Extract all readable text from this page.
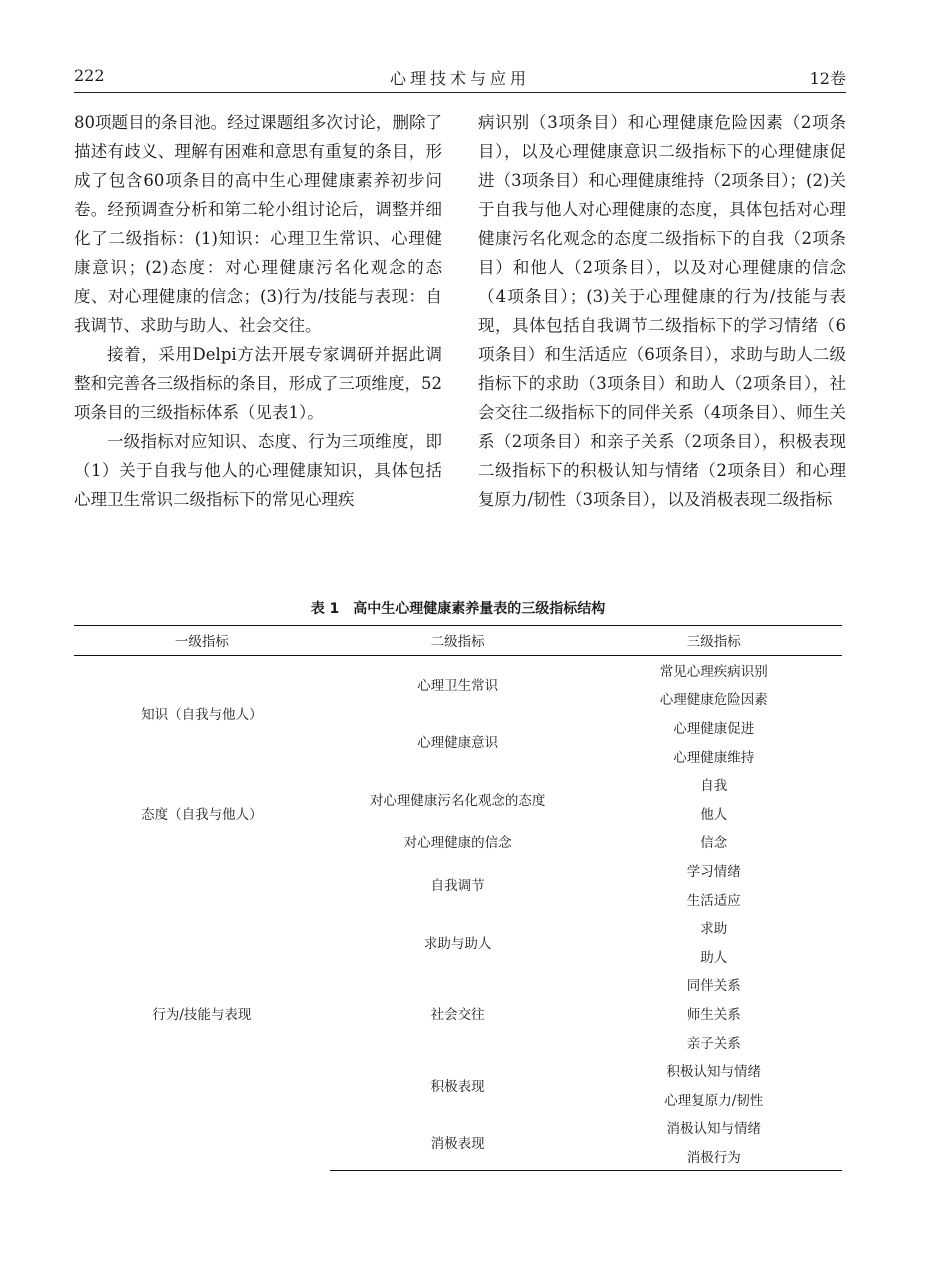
222	心理技术与应用	12卷

80项题目的条目池。经过课题组多次讨论，删除了描述有歧义、理解有困难和意思有重复的条目，形成了包含60项条目的高中生心理健康素养初步问卷。经预调查分析和第二轮小组讨论后，调整并细化了二级指标：(1)知识：心理卫生常识、心理健康意识；(2)态度：对心理健康污名化观念的态度、对心理健康的信念；(3)行为/技能与表现：自我调节、求助与助人、社会交往。

接着，采用Delpi方法开展专家调研并据此调整和完善各三级指标的条目，形成了三项维度，52项条目的三级指标体系（见表1）。

一级指标对应知识、态度、行为三项维度，即（1）关于自我与他人的心理健康知识，具体包括心理卫生常识二级指标下的常见心理疾

病识别（3项条目）和心理健康危险因素（2项条目），以及心理健康意识二级指标下的心理健康促进（3项条目）和心理健康维持（2项条目）；(2)关于自我与他人对心理健康的态度，具体包括对心理健康污名化观念的态度二级指标下的自我（2项条目）和他人（2项条目），以及对心理健康的信念（4项条目）；(3)关于心理健康的行为/技能与表现，具体包括自我调节二级指标下的学习情绪（6项条目）和生活适应（6项条目），求助与助人二级指标下的求助（3项条目）和助人（2项条目），社会交往二级指标下的同伴关系（4项条目）、师生关系（2项条目）和亲子关系（2项条目），积极表现二级指标下的积极认知与情绪（2项条目）和心理复原力/韧性（3项条目），以及消极表现二级指标

表 1　高中生心理健康素养量表的三级指标结构
一级指标	二级指标	三级指标
知识（自我与他人）	心理卫生常识	常见心理疾病识别
		心理健康危险因素
	心理健康意识	心理健康促进
		心理健康维持
态度（自我与他人）	对心理健康污名化观念的态度	自我
		他人
	对心理健康的信念	信念
行为/技能与表现	自我调节	学习情绪
		生活适应
	求助与助人	求助
		助人
	社会交往	同伴关系
		师生关系
		亲子关系
	积极表现	积极认知与情绪
		心理复原力/韧性
	消极表现	消极认知与情绪
		消极行为
